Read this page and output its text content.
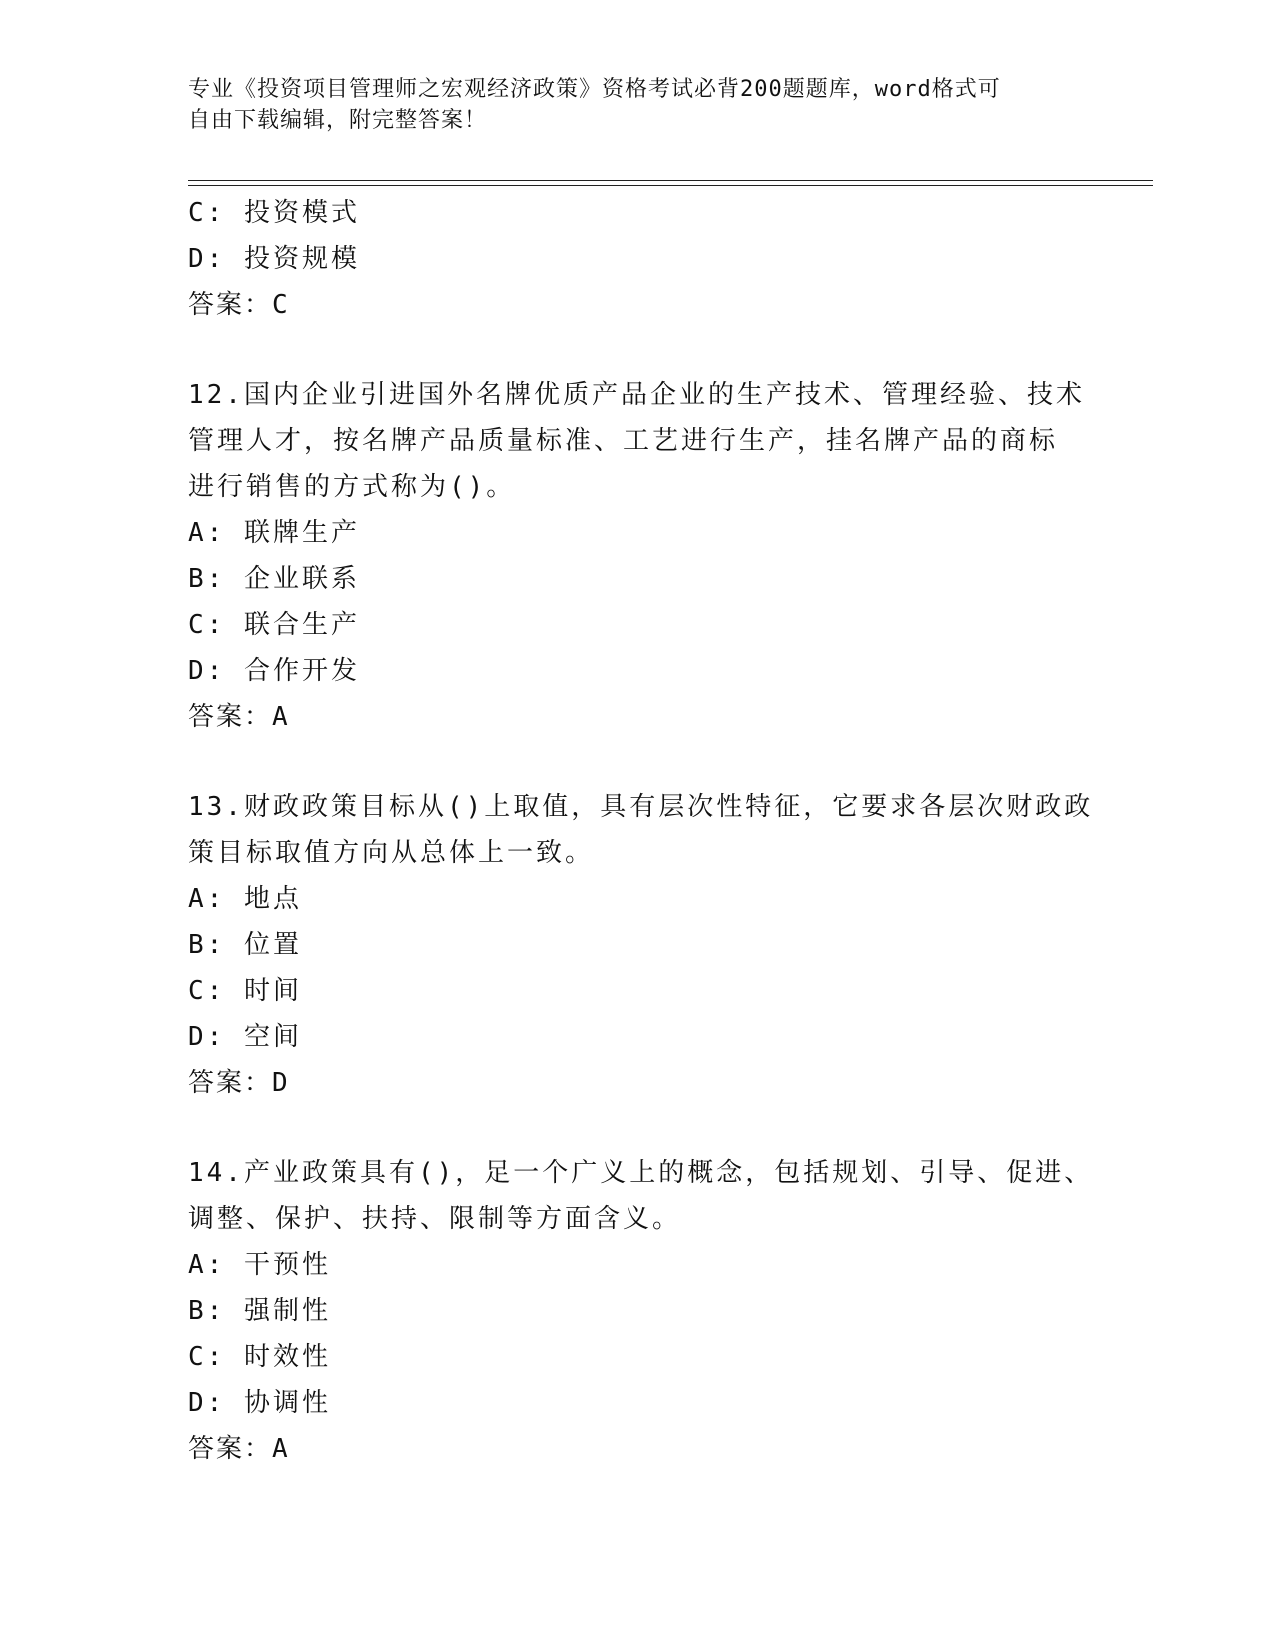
专业《投资项目管理师之宏观经济政策》资格考试必背200题题库，word格式可
自由下载编辑，附完整答案！
C: 投资模式
D: 投资规模
答案：C
12.国内企业引进国外名牌优质产品企业的生产技术、管理经验、技术
管理人才，按名牌产品质量标准、工艺进行生产，挂名牌产品的商标
进行销售的方式称为()。
A: 联牌生产
B: 企业联系
C: 联合生产
D: 合作开发
答案：A
13.财政政策目标从()上取值，具有层次性特征，它要求各层次财政政
策目标取值方向从总体上一致。
A: 地点
B: 位置
C: 时间
D: 空间
答案：D
14.产业政策具有()，足一个广义上的概念，包括规划、引导、促进、
调整、保护、扶持、限制等方面含义。
A: 干预性
B: 强制性
C: 时效性
D: 协调性
答案：A
